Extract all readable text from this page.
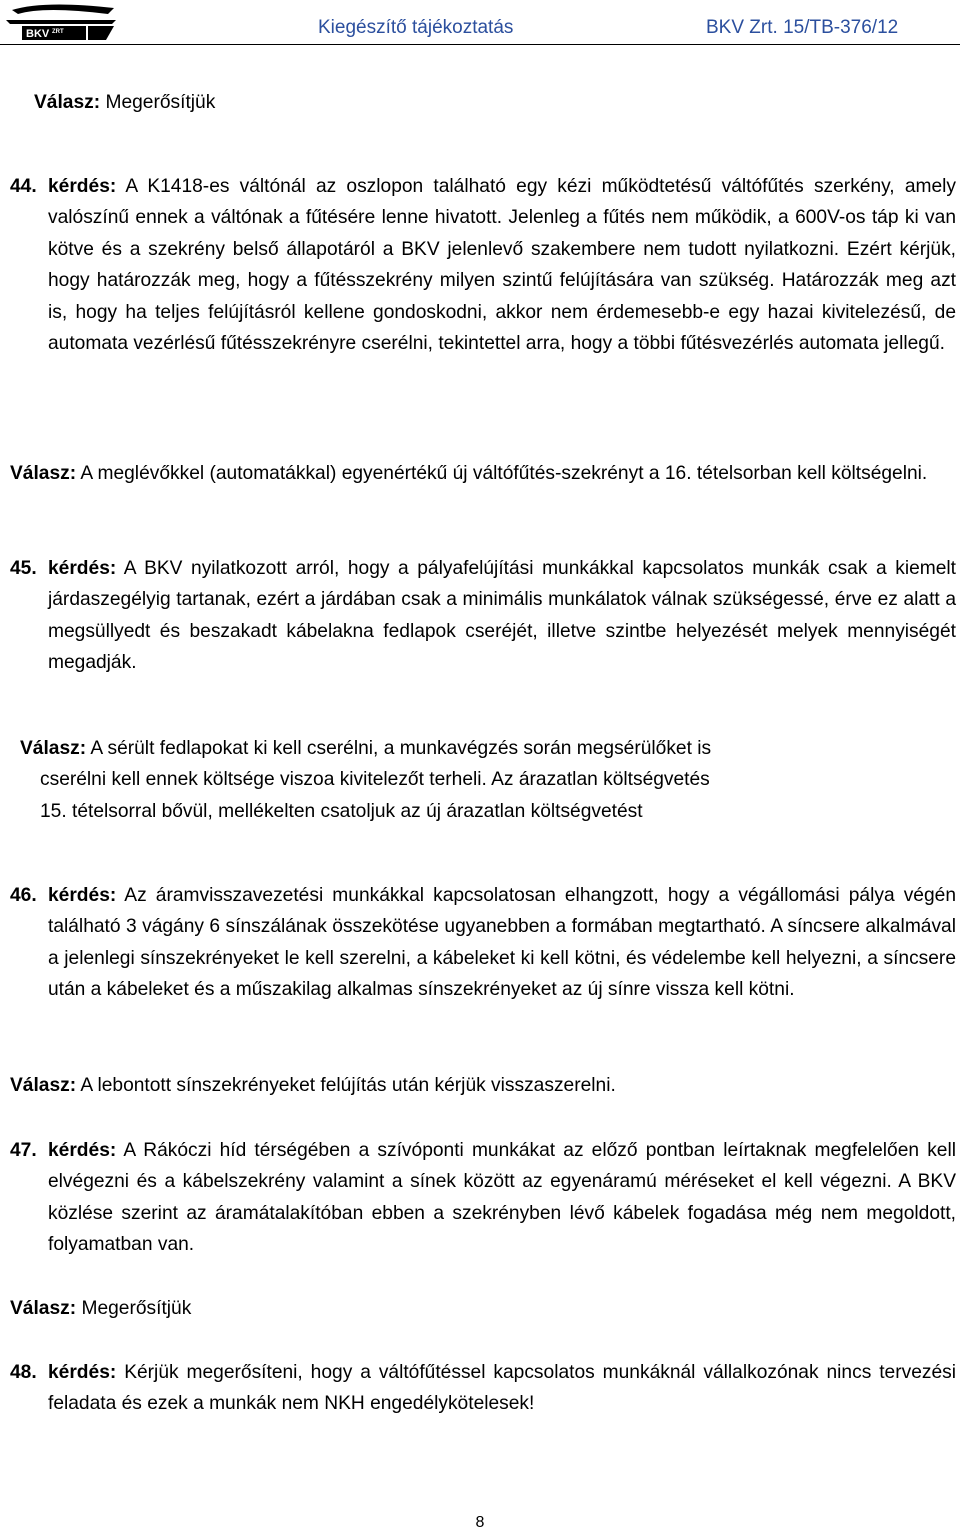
BKV ZRT	Kiegészítő tájékoztatás	BKV Zrt. 15/TB-376/12

Válasz: Megerősítjük

44. kérdés: A K1418-es váltónál az oszlopon található egy kézi működtetésű váltófűtés szerkény, amely valószínű ennek a váltónak a fűtésére lenne hivatott. Jelenleg a fűtés nem működik, a 600V-os táp ki van kötve és a szekrény belső állapotáról a BKV jelenlevő szakembere nem tudott nyilatkozni. Ezért kérjük, hogy határozzák meg, hogy a fűtésszekrény milyen szintű felújítására van szükség. Határozzák meg azt is, hogy ha teljes felújításról kellene gondoskodni, akkor nem érdemesebb-e egy hazai kivitelezésű, de automata vezérlésű fűtésszekrényre cserélni, tekintettel arra, hogy a többi fűtésvezérlés automata jellegű.

Válasz: A meglévőkkel (automatákkal) egyenértékű új váltófűtés-szekrényt a 16. tételsorban kell költségelni.

45. kérdés: A BKV nyilatkozott arról, hogy a pályafelújítási munkákkal kapcsolatos munkák csak a kiemelt járdaszegélyig tartanak, ezért a járdában csak a minimális munkálatok válnak szükségessé, érve ez alatt a megsüllyedt és beszakadt kábelakna fedlapok cseréjét, illetve szintbe helyezését melyek mennyiségét megadják.

Válasz: A sérült fedlapokat ki kell cserélni, a munkavégzés során megsérülőket is

cserélni kell ennek költsége viszoa kivitelezőt terheli. Az árazatlan költségvetés

15. tételsorral bővül, mellékelten csatoljuk az új árazatlan költségvetést

46. kérdés: Az áramvisszavezetési munkákkal kapcsolatosan elhangzott, hogy a végállomási pálya végén található 3 vágány 6 sínszálának összekötése ugyanebben a formában megtartható. A síncsere alkalmával a jelenlegi sínszekrényeket le kell szerelni, a kábeleket ki kell kötni, és védelembe kell helyezni, a síncsere után a kábeleket és a műszakilag alkalmas sínszekrényeket az új sínre vissza kell kötni.

Válasz: A lebontott sínszekrényeket felújítás után kérjük visszaszerelni.

47. kérdés: A Rákóczi híd térségében a szívóponti munkákat az előző pontban leírtaknak megfelelően kell elvégezni és a kábelszekrény valamint a sínek között az egyenáramú méréseket el kell végezni. A BKV közlése szerint az áramátalakítóban ebben a szekrényben lévő kábelek fogadása még nem megoldott, folyamatban van.

Válasz: Megerősítjük

48. kérdés: Kérjük megerősíteni, hogy a váltófűtéssel kapcsolatos munkáknál vállalkozónak nincs tervezési feladata és ezek a munkák nem NKH engedélykötelesek!

8
